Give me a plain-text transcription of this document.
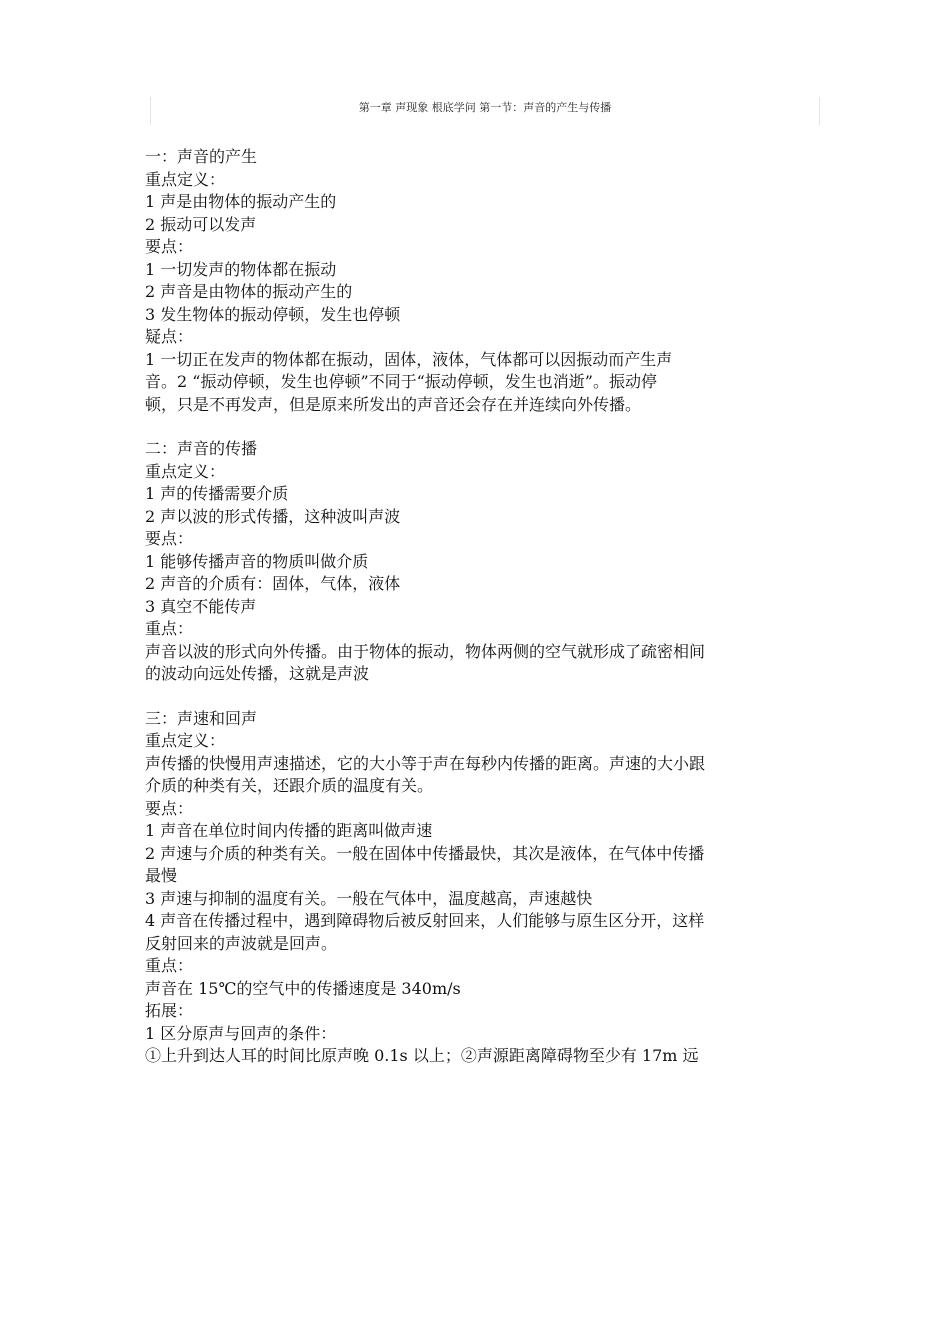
第一章 声现象 根底学问 第一节：声音的产生与传播
一：声音的产生
重点定义：
1 声是由物体的振动产生的
2 振动可以发声
要点：
1 一切发声的物体都在振动
2 声音是由物体的振动产生的
3 发生物体的振动停顿，发生也停顿
疑点：
1 一切正在发声的物体都在振动，固体，液体，气体都可以因振动而产生声
音。2 “振动停顿，发生也停顿”不同于“振动停顿，发生也消逝”。振动停
顿，只是不再发声，但是原来所发出的声音还会存在并连续向外传播。
二：声音的传播
重点定义：
1 声的传播需要介质
2 声以波的形式传播，这种波叫声波
要点：
1 能够传播声音的物质叫做介质
2 声音的介质有：固体，气体，液体
3 真空不能传声
重点：
声音以波的形式向外传播。由于物体的振动，物体两侧的空气就形成了疏密相间
的波动向远处传播，这就是声波
三：声速和回声
重点定义：
声传播的快慢用声速描述，它的大小等于声在每秒内传播的距离。声速的大小跟
介质的种类有关，还跟介质的温度有关。
要点：
1 声音在单位时间内传播的距离叫做声速
2 声速与介质的种类有关。一般在固体中传播最快，其次是液体，在气体中传播
最慢
3 声速与抑制的温度有关。一般在气体中，温度越高，声速越快
4 声音在传播过程中，遇到障碍物后被反射回来，人们能够与原生区分开，这样
反射回来的声波就是回声。
重点：
声音在 15℃的空气中的传播速度是 340m/s
拓展：
1 区分原声与回声的条件：
①上升到达人耳的时间比原声晚 0.1s 以上；②声源距离障碍物至少有 17m 远
